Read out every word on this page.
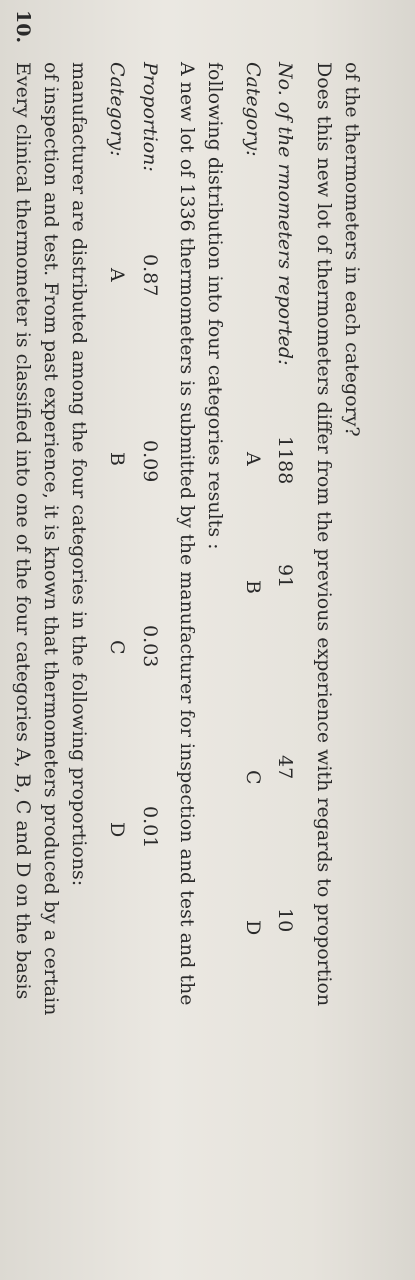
10.
Every clinical thermometer is classified into one of the four categories A, B, C and D on the basis of inspection and test. From past experience, it is known that thermometers produced by a certain manufacturer are distributed among the four categories in the following proportions: Category:
A
B
C
D
Proportion:
0.87
0.09
0.03
0.01 A new lot of 1336 thermometers is submitted by the manufacturer for inspection and test and the following distribution into four categories results : Category:
A
B
C
D
No. of the rmometers reported:
1188
91
47
10 Does this new lot of thermometers differ from the previous experience with regards to proportion of the thermometers in each category?
